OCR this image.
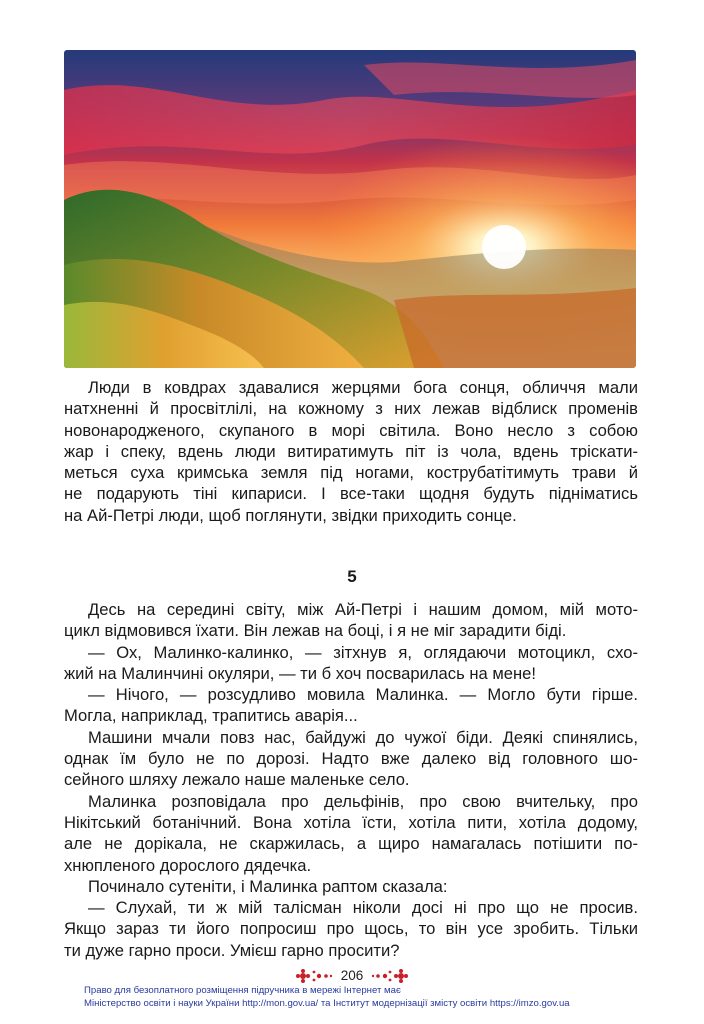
Люди в ковдрах здавалися жерцями бога сонця, обличчя мали
натхненні й просвітлілі, на кожному з них лежав відблиск променів
новонародженого, скупаного в морі світила. Воно несло з собою
жар і спеку, вдень люди витиратимуть піт із чола, вдень тріскати-
меться суха кримська земля під ногами, кострубатітимуть трави й
не подарують тіні кипариси. І все-таки щодня будуть підніматись
на Ай-Петрі люди, щоб поглянути, звідки приходить сонце.
5
Десь на середині світу, між Ай-Петрі і нашим домом, мій мото-
цикл відмовився їхати. Він лежав на боці, і я не міг зарадити біді.
— Ох, Малинко-калинко, — зітхнув я, оглядаючи мотоцикл, схо-
жий на Малинчині окуляри, — ти б хоч посварилась на мене!
— Нічого, — розсудливо мовила Малинка. — Могло бути гірше.
Могла, наприклад, трапитись аварія...
Машини мчали повз нас, байдужі до чужої біди. Деякі спинялись,
однак їм було не по дорозі. Надто вже далеко від головного шо-
сейного шляху лежало наше маленьке село.
Малинка розповідала про дельфінів, про свою вчительку, про
Нікітський ботанічний. Вона хотіла їсти, хотіла пити, хотіла додому,
але не дорікала, не скаржилась, а щиро намагалась потішити по-
хнюпленого дорослого дядечка.
Починало сутеніти, і Малинка раптом сказала:
— Слухай, ти ж мій талісман ніколи досі ні про що не просив.
Якщо зараз ти його попросиш про щось, то він усе зробить. Тільки
ти дуже гарно проси. Умієш гарно просити?
206
Право для безоплатного розміщення підручника в мережі Інтернет має
Міністерство освіти і науки України http://mon.gov.ua/ та Інститут модернізації змісту освіти https://imzo.gov.ua
